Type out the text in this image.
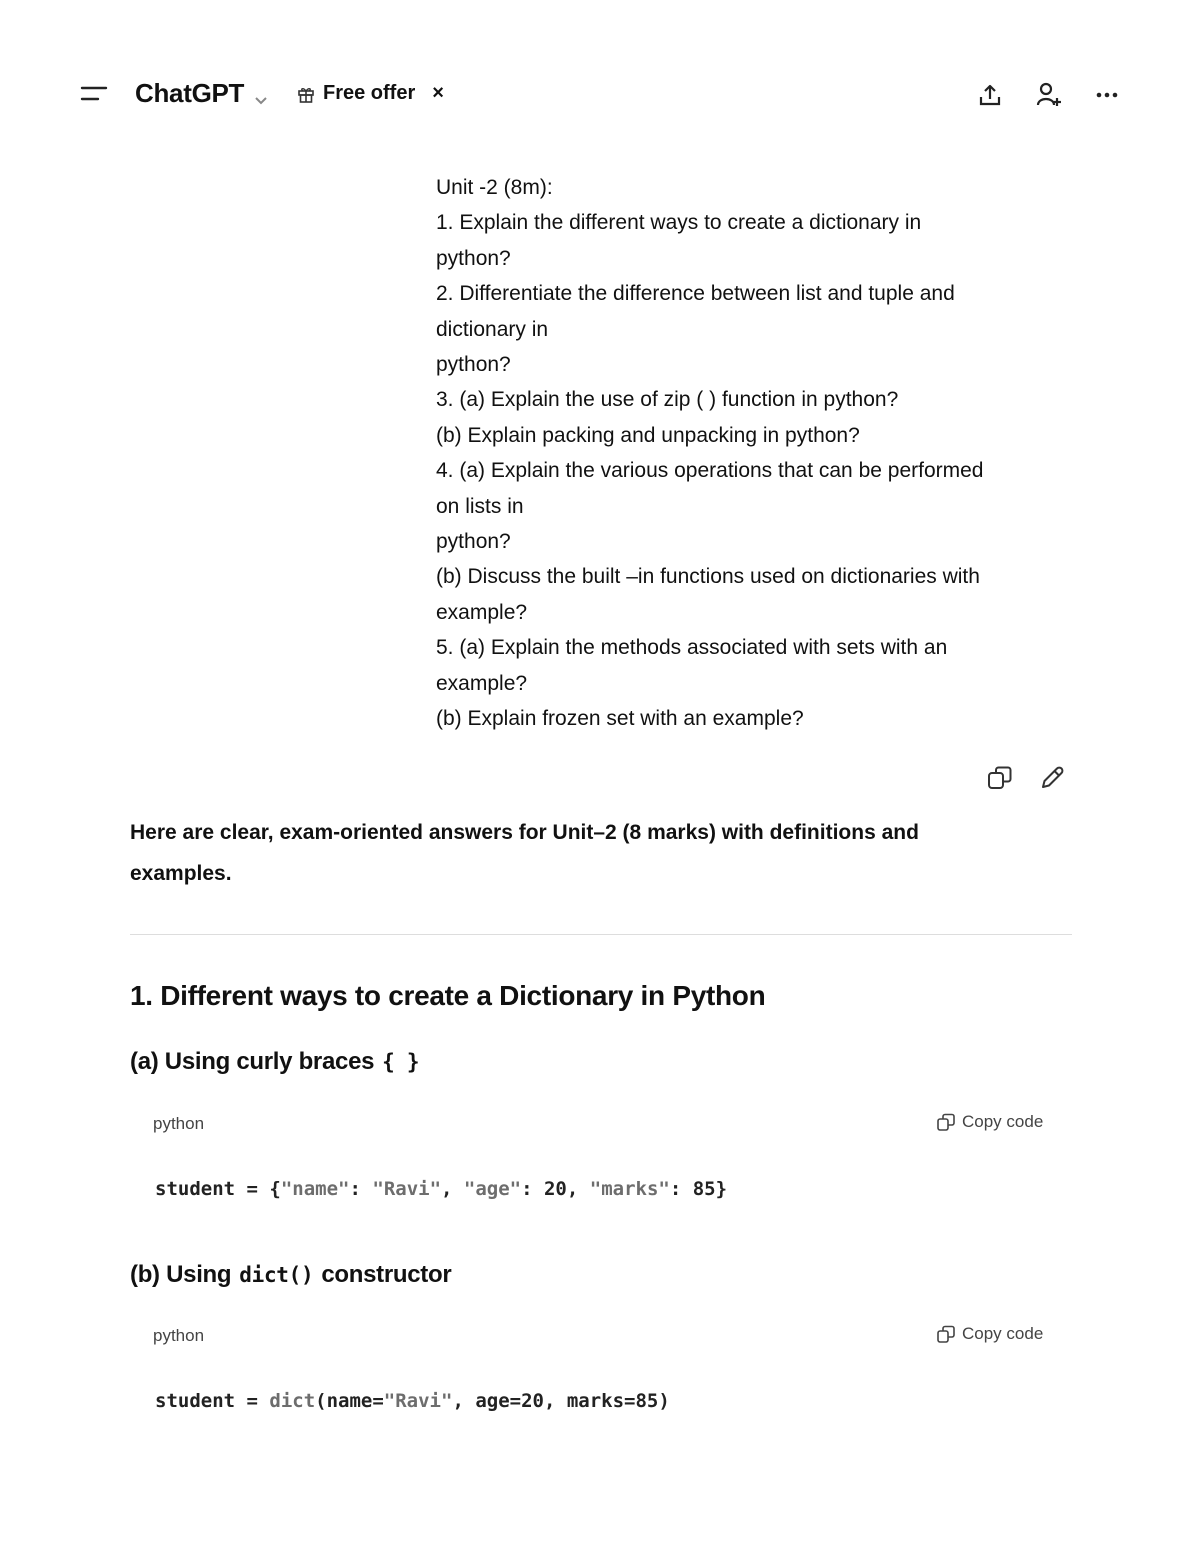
ChatGPT	Free offer ×
Unit -2 (8m):
1. Explain the different ways to create a dictionary in
python?
2. Differentiate the difference between list and tuple and
dictionary in
python?
3. (a) Explain the use of zip ( ) function in python?
(b) Explain packing and unpacking in python?
4. (a) Explain the various operations that can be performed
on lists in
python?
(b) Discuss the built –in functions used on dictionaries with
example?
5. (a) Explain the methods associated with sets with an
example?
(b) Explain frozen set with an example?
Here are clear, exam-oriented answers for Unit–2 (8 marks) with definitions and
examples.
1. Different ways to create a Dictionary in Python
(a) Using curly braces { }
python	Copy code
student = {"name": "Ravi", "age": 20, "marks": 85}
(b) Using dict() constructor
python	Copy code
student = dict(name="Ravi", age=20, marks=85)
